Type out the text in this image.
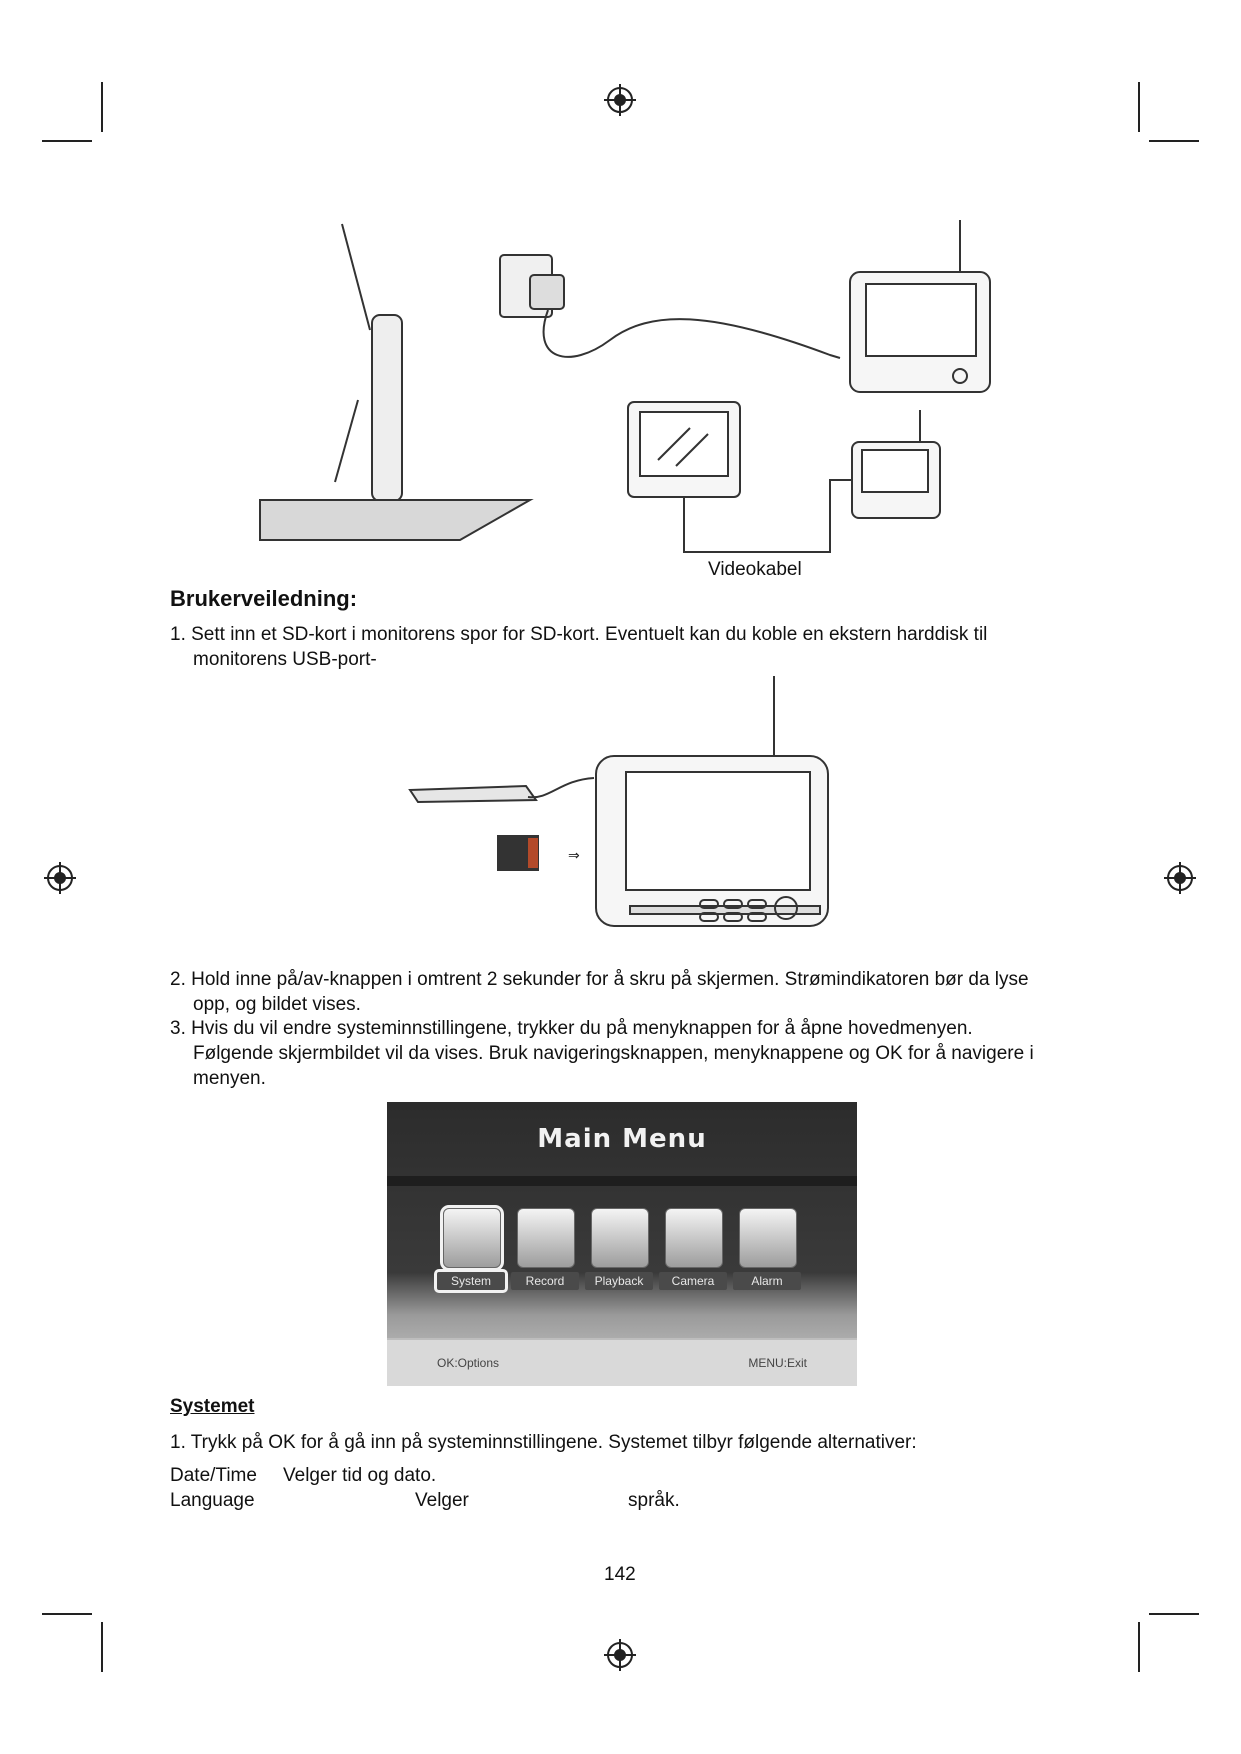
Videokabel
Brukerveiledning:
1. Sett inn et SD-kort i monitorens spor for SD-kort. Eventuelt kan du koble en ekstern harddisk til
monitorens USB-port-
⇒
2. Hold inne på/av-knappen i omtrent 2 sekunder for å skru på skjermen. Strømindikatoren bør da lyse
opp, og bildet vises.
3. Hvis du vil endre systeminnstillingene, trykker du på menyknappen for å åpne hovedmenyen.
Følgende skjermbildet vil da vises. Bruk navigeringsknappen, menyknappene og OK for å navigere i
menyen.
Main Menu
System	Record	Playback	Camera	Alarm
OK:Options	MENU:Exit
Systemet
1. Trykk på OK for å gå inn på systeminnstillingene. Systemet tilbyr følgende alternativer:
Date/Time Velger tid og dato.
Language	Velger	språk.
142
